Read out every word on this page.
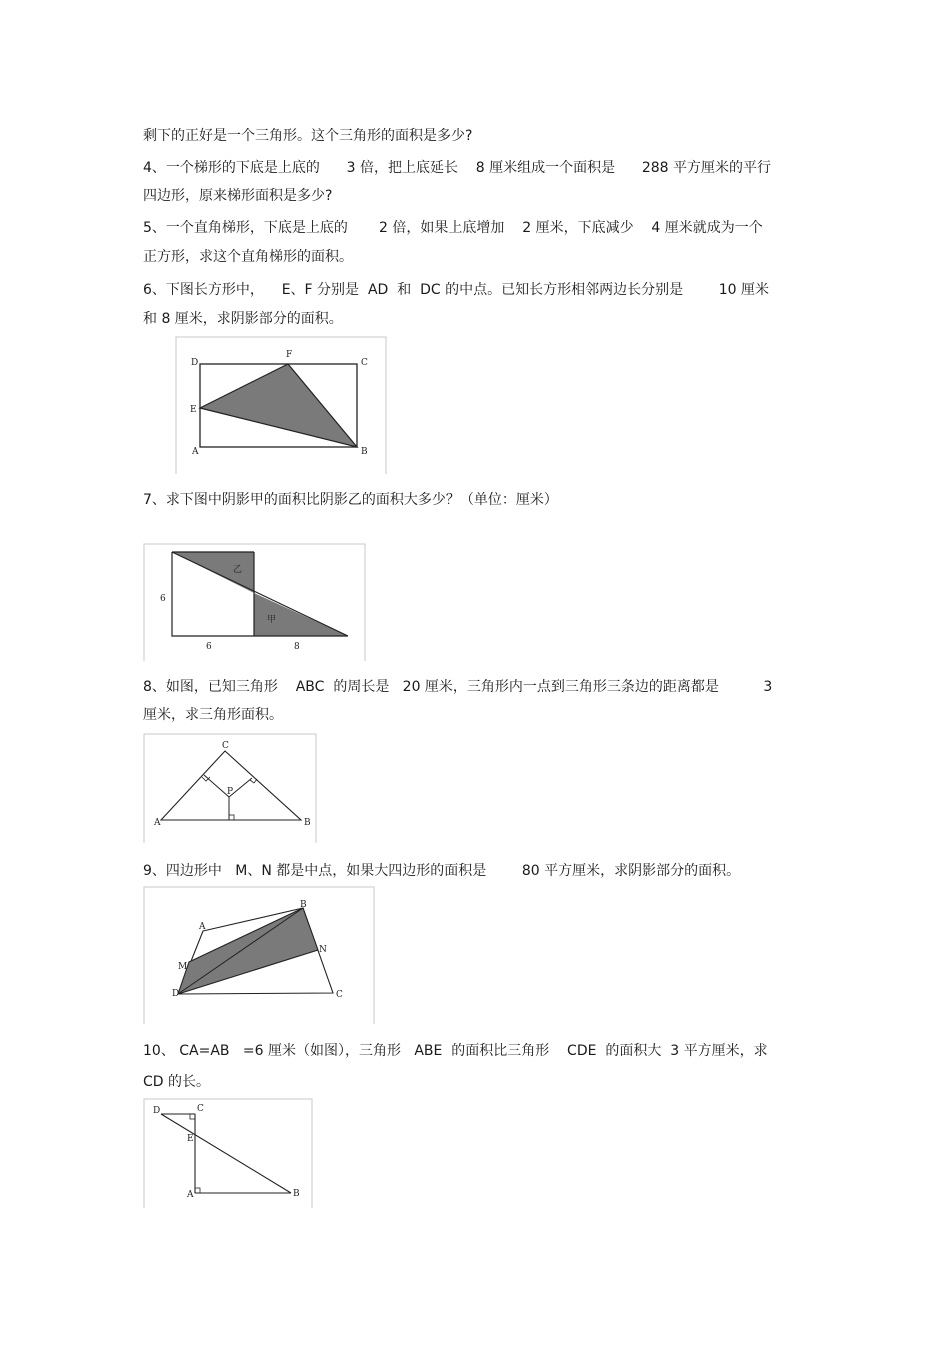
剩下的正好是一个三角形。这个三角形的面积是多少?
4、一个梯形的下底是上底的      3 倍，把上底延长    8 厘米组成一个面积是      288 平方厘米的平行
四边形，原来梯形面积是多少?
5、一个直角梯形，下底是上底的       2 倍，如果上底增加    2 厘米，下底减少    4 厘米就成为一个
正方形，求这个直角梯形的面积。
6、下图长方形中，    E、F 分别是  AD  和  DC 的中点。已知长方形相邻两边长分别是        10 厘米
和 8 厘米，求阴影部分的面积。
D
F
C
E
A	B
7、求下图中阴影甲的面积比阴影乙的面积大多少？（单位：厘米）
乙
甲
6
6	8
8、如图，已知三角形    ABC  的周长是   20 厘米，三角形内一点到三角形三条边的距离都是          3
厘米，求三角形面积。
C
P
A	B
9、四边形中   M、N 都是中点，如果大四边形的面积是        80 平方厘米，求阴影部分的面积。
A
B
M
N
D	C
10、 CA=AB   =6 厘米（如图），三角形   ABE  的面积比三角形    CDE  的面积大  3 平方厘米，求
CD 的长。
D	C
E
A	B
